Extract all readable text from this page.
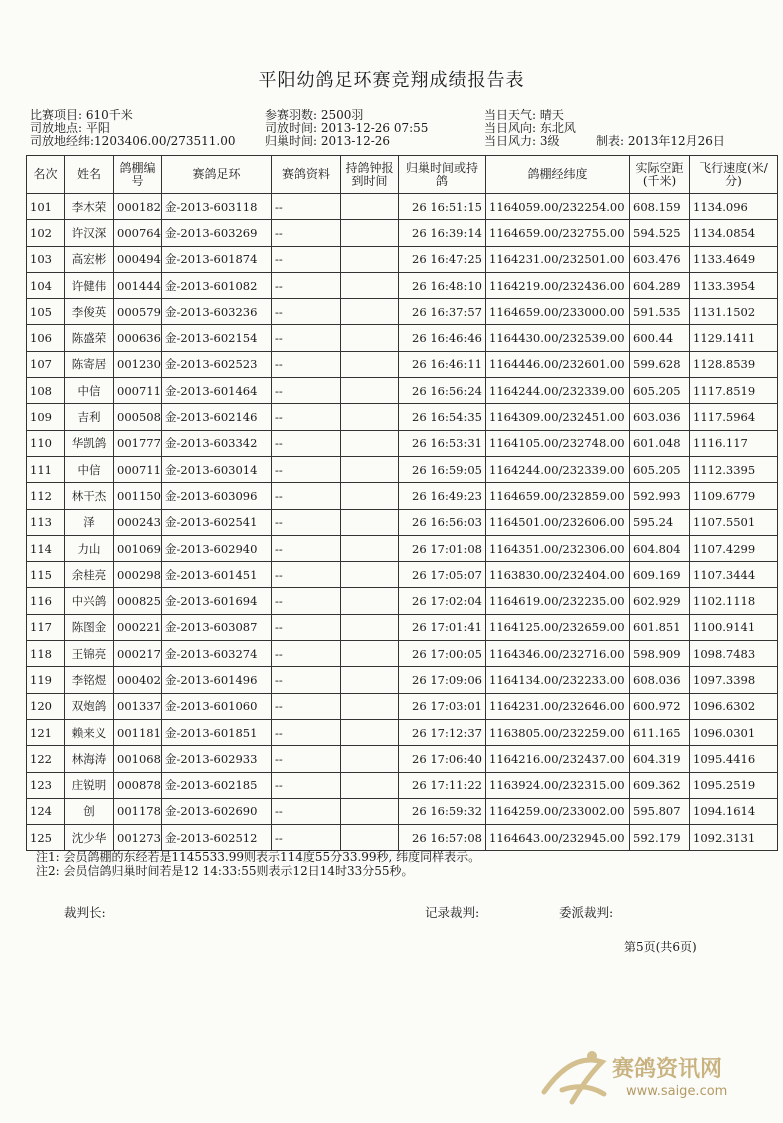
平阳幼鸽足环赛竞翔成绩报告表
比赛项目: 610千米
司放地点: 平阳
司放地经纬:1203406.00/273511.00
参赛羽数: 2500羽
司放时间: 2013-12-26 07:55
归巢时间: 2013-12-26
当日天气: 晴天
当日风向: 东北风
当日风力: 3级	制表: 2013年12月26日
名次	姓名	鸽棚编号	赛鸽足环	赛鸽资料	持鸽钟报到时间	归巢时间或持鸽	鸽棚经纬度	实际空距(千米)	飞行速度(米/分)
101	李木荣	000182	金-2013-603118	--		26 16:51:15	1164059.00/232254.00	608.159	1134.096
102	许汉深	000764	金-2013-603269	--		26 16:39:14	1164659.00/232755.00	594.525	1134.0854
103	高宏彬	000494	金-2013-601874	--		26 16:47:25	1164231.00/232501.00	603.476	1133.4649
104	许健伟	001444	金-2013-601082	--		26 16:48:10	1164219.00/232436.00	604.289	1133.3954
105	李俊英	000579	金-2013-603236	--		26 16:37:57	1164659.00/233000.00	591.535	1131.1502
106	陈盛荣	000636	金-2013-602154	--		26 16:46:46	1164430.00/232539.00	600.44	1129.1411
107	陈寄居	001230	金-2013-602523	--		26 16:46:11	1164446.00/232601.00	599.628	1128.8539
108	中信	000711	金-2013-601464	--		26 16:56:24	1164244.00/232339.00	605.205	1117.8519
109	吉利	000508	金-2013-602146	--		26 16:54:35	1164309.00/232451.00	603.036	1117.5964
110	华凯鸽	001777	金-2013-603342	--		26 16:53:31	1164105.00/232748.00	601.048	1116.117
111	中信	000711	金-2013-603014	--		26 16:59:05	1164244.00/232339.00	605.205	1112.3395
112	林干杰	001150	金-2013-603096	--		26 16:49:23	1164659.00/232859.00	592.993	1109.6779
113	泽	000243	金-2013-602541	--		26 16:56:03	1164501.00/232606.00	595.24	1107.5501
114	力山	001069	金-2013-602940	--		26 17:01:08	1164351.00/232306.00	604.804	1107.4299
115	余桂亮	000298	金-2013-601451	--		26 17:05:07	1163830.00/232404.00	609.169	1107.3444
116	中兴鸽	000825	金-2013-601694	--		26 17:02:04	1164619.00/232235.00	602.929	1102.1118
117	陈图金	000221	金-2013-603087	--		26 17:01:41	1164125.00/232659.00	601.851	1100.9141
118	王锦亮	000217	金-2013-603274	--		26 17:00:05	1164346.00/232716.00	598.909	1098.7483
119	李铭煜	000402	金-2013-601496	--		26 17:09:06	1164134.00/232233.00	608.036	1097.3398
120	双炮鸽	001337	金-2013-601060	--		26 17:03:01	1164231.00/232646.00	600.972	1096.6302
121	赖来义	001181	金-2013-601851	--		26 17:12:37	1163805.00/232259.00	611.165	1096.0301
122	林海涛	001068	金-2013-602933	--		26 17:06:40	1164216.00/232437.00	604.319	1095.4416
123	庄锐明	000878	金-2013-602185	--		26 17:11:22	1163924.00/232315.00	609.362	1095.2519
124	创	001178	金-2013-602690	--		26 16:59:32	1164259.00/233002.00	595.807	1094.1614
125	沈少华	001273	金-2013-602512	--		26 16:57:08	1164643.00/232945.00	592.179	1092.3131
注1: 会员鸽棚的东经若是1145533.99则表示114度55分33.99秒, 纬度同样表示。
注2: 会员信鸽归巢时间若是12 14:33:55则表示12日14时33分55秒。
裁判长:	记录裁判:	委派裁判:
第5页(共6页)
赛鸽资讯网
www.saige.com
